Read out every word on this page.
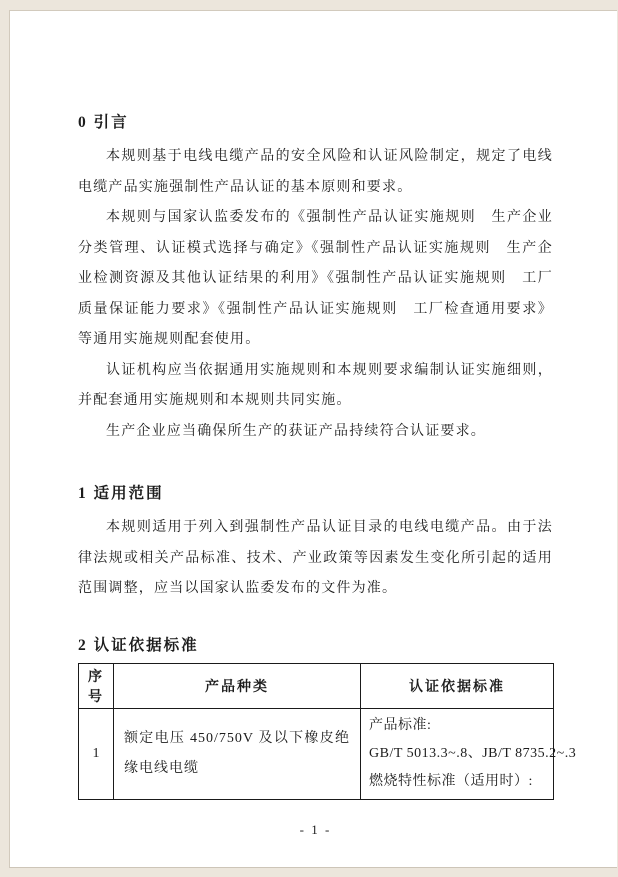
0 引言

本规则基于电线电缆产品的安全风险和认证风险制定，规定了电线电缆产品实施强制性产品认证的基本原则和要求。

本规则与国家认监委发布的《强制性产品认证实施规则　生产企业分类管理、认证模式选择与确定》《强制性产品认证实施规则　生产企业检测资源及其他认证结果的利用》《强制性产品认证实施规则　工厂质量保证能力要求》《强制性产品认证实施规则　工厂检查通用要求》等通用实施规则配套使用。

认证机构应当依据通用实施规则和本规则要求编制认证实施细则，并配套通用实施规则和本规则共同实施。

生产企业应当确保所生产的获证产品持续符合认证要求。

1 适用范围

本规则适用于列入到强制性产品认证目录的电线电缆产品。由于法律法规或相关产品标准、技术、产业政策等因素发生变化所引起的适用范围调整，应当以国家认监委发布的文件为准。

2 认证依据标准
序号	产品种类	认证依据标准
1	额定电压 450/750V 及以下橡皮绝缘电线电缆	产品标准:
GB/T 5013.3~.8、JB/T 8735.2~.3
燃烧特性标准（适用时）:
- 1 -
